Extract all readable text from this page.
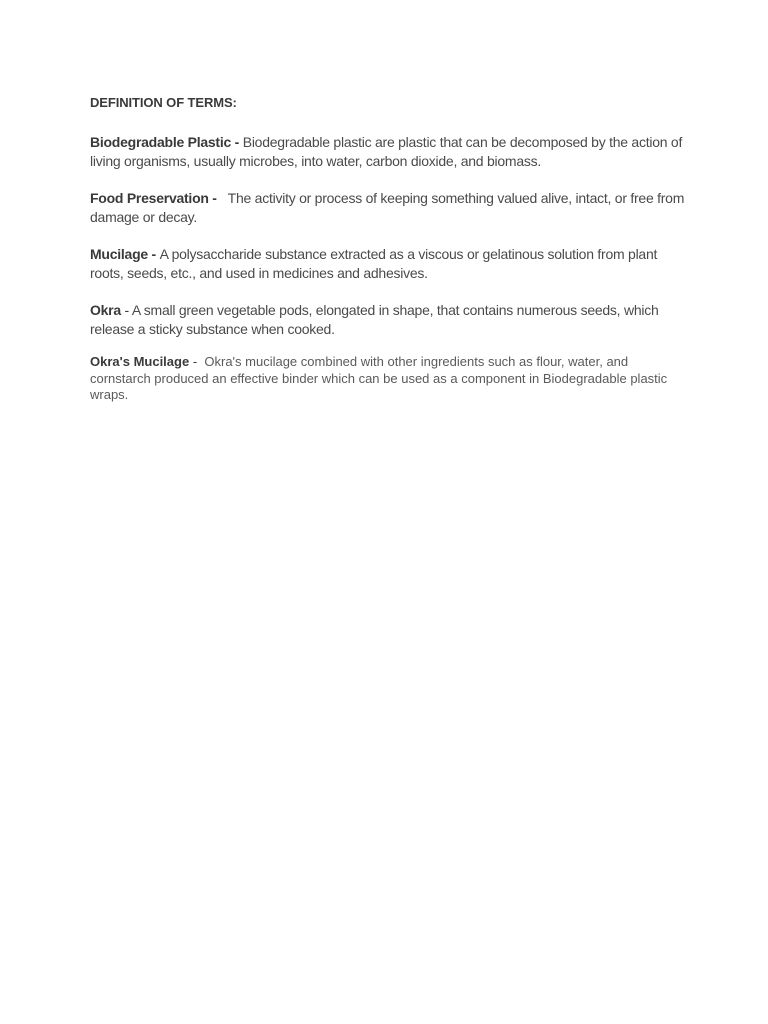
DEFINITION OF TERMS:

Biodegradable Plastic - Biodegradable plastic are plastic that can be decomposed by the action of living organisms, usually microbes, into water, carbon dioxide, and biomass.

Food Preservation -   The activity or process of keeping something valued alive, intact, or free from damage or decay.

Mucilage - A polysaccharide substance extracted as a viscous or gelatinous solution from plant roots, seeds, etc., and used in medicines and adhesives.

Okra - A small green vegetable pods, elongated in shape, that contains numerous seeds, which release a sticky substance when cooked.

Okra's Mucilage -  Okra's mucilage combined with other ingredients such as flour, water, and cornstarch produced an effective binder which can be used as a component in Biodegradable plastic wraps.
